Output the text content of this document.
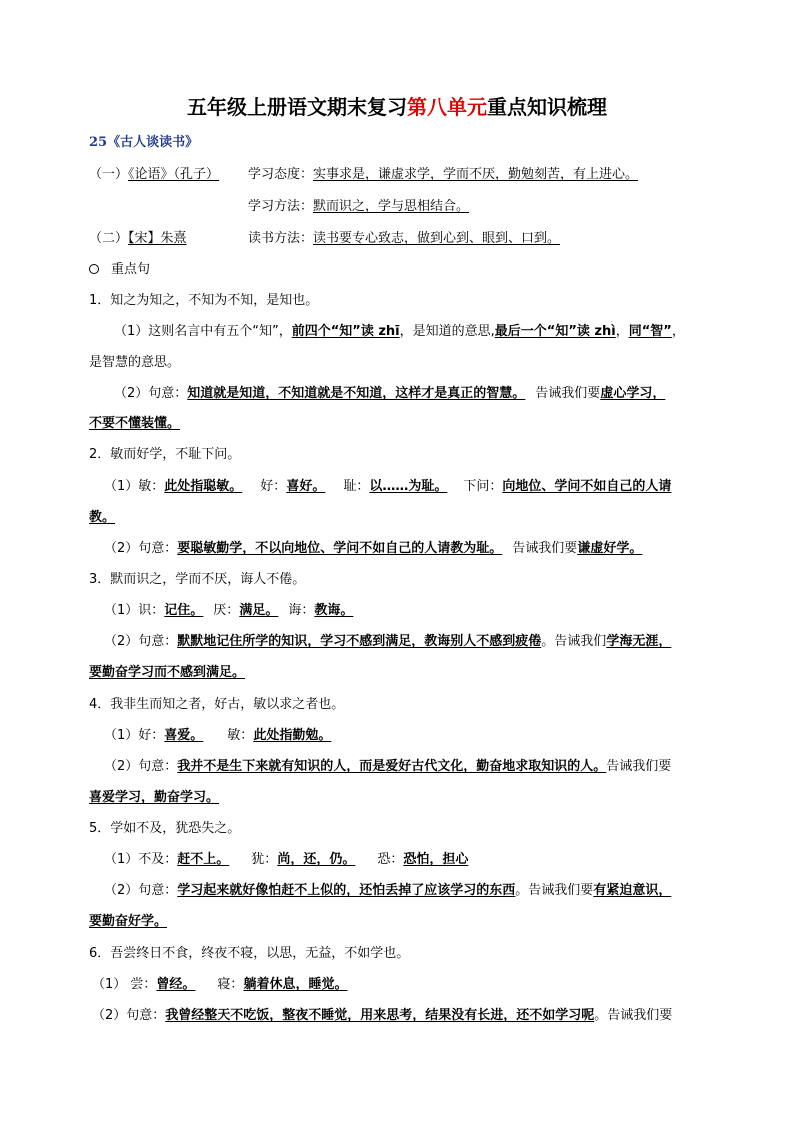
五年级上册语文期末复习第八单元重点知识梳理
25《古人谈读书》
（一）《论语》（孔子） 学习态度：实事求是，谦虚求学，学而不厌，勤勉刻苦，有上进心。
学习方法：默而识之，学与思相结合。
（二）【宋】朱熹	读书方法：读书要专心致志，做到心到、眼到、口到。
重点句
1．知之为知之，不知为不知，是知也。
（1）这则名言中有五个“知”，前四个“知”读 zhī，是知道的意思,最后一个“知”读 zhì，同“智”，
是智慧的意思。
（2）句意：知道就是知道，不知道就是不知道，这样才是真正的智慧。 告诫我们要虚心学习，
不要不懂装懂。
2．敏而好学，不耻下问。
（1）敏：此处指聪敏。 好：喜好。 耻：以……为耻。 下问：向地位、学问不如自己的人请
教。
（2）句意：要聪敏勤学，不以向地位、学问不如自己的人请教为耻。 告诫我们要谦虚好学。
3．默而识之，学而不厌，诲人不倦。
（1）识：记住。 厌：满足。 诲：教诲。
（2）句意：默默地记住所学的知识，学习不感到满足，教诲别人不感到疲倦。告诫我们学海无涯，
要勤奋学习而不感到满足。
4．我非生而知之者，好古，敏以求之者也。
（1）好：喜爱。 敏：此处指勤勉。
（2）句意：我并不是生下来就有知识的人，而是爱好古代文化，勤奋地求取知识的人。告诫我们要
喜爱学习，勤奋学习。
5．学如不及，犹恐失之。
（1）不及：赶不上。 犹：尚，还，仍。 恐：恐怕，担心
（2）句意：学习起来就好像怕赶不上似的，还怕丢掉了应该学习的东西。告诫我们要有紧迫意识，
要勤奋好学。
6．吾尝终日不食，终夜不寝，以思，无益，不如学也。
（1） 尝：曾经。 寝：躺着休息，睡觉。
（2）句意：我曾经整天不吃饭，整夜不睡觉，用来思考，结果没有长进，还不如学习呢。告诫我们要
